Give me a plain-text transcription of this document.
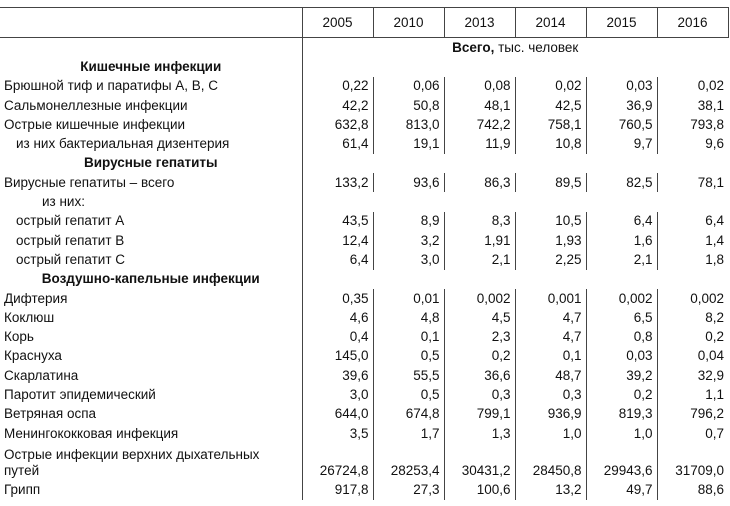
	2005	2010	2013	2014	2015	2016
	Всего, тыс. человек					
Кишечные инфекции						
Брюшной тиф и паратифы А, В, С	0,22	0,06	0,08	0,02	0,03	0,02
Сальмонеллезные инфекции	42,2	50,8	48,1	42,5	36,9	38,1
Острые кишечные инфекции	632,8	813,0	742,2	758,1	760,5	793,8
из них бактериальная дизентерия	61,4	19,1	11,9	10,8	9,7	9,6
Вирусные гепатиты						
Вирусные гепатиты – всего	133,2	93,6	86,3	89,5	82,5	78,1
из них:						
острый гепатит А	43,5	8,9	8,3	10,5	6,4	6,4
острый гепатит В	12,4	3,2	1,91	1,93	1,6	1,4
острый гепатит С	6,4	3,0	2,1	2,25	2,1	1,8
Воздушно-капельные инфекции						
Дифтерия	0,35	0,01	0,002	0,001	0,002	0,002
Коклюш	4,6	4,8	4,5	4,7	6,5	8,2
Корь	0,4	0,1	2,3	4,7	0,8	0,2
Краснуха	145,0	0,5	0,2	0,1	0,03	0,04
Скарлатина	39,6	55,5	36,6	48,7	39,2	32,9
Паротит эпидемический	3,0	0,5	0,3	0,3	0,2	1,1
Ветряная оспа	644,0	674,8	799,1	936,9	819,3	796,2
Менингококковая инфекция	3,5	1,7	1,3	1,0	1,0	0,7
Острые инфекции верхних дыхательных путей	26724,8	28253,4	30431,2	28450,8	29943,6	31709,0
Грипп	917,8	27,3	100,6	13,2	49,7	88,6
